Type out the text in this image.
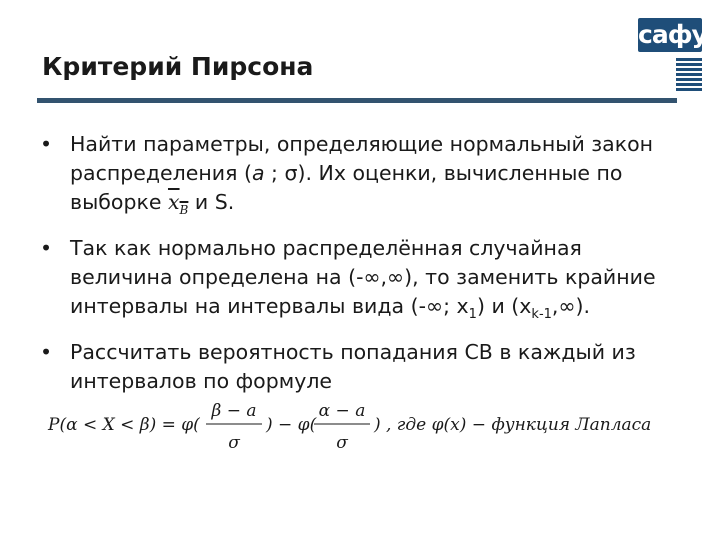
Критерий Пирсона
сафу
• Найти параметры, определяющие нормальный закон распределения (a ; σ). Их оценки, вычисленные по выборке $x_В$ и S.
• Так как нормально распределённая случайная величина определена на (-∞,∞), то заменить крайние интервалы на интервалы вида (-∞; $x_1$) и $(x_{k-1},\infty)$.
• Рассчитать вероятность попадания СВ в каждый из интервалов по формуле
P(α < X < β) = φ(
β − a
σ
) − φ(
α − a
σ
) , где φ(x) − функция Лапласа
